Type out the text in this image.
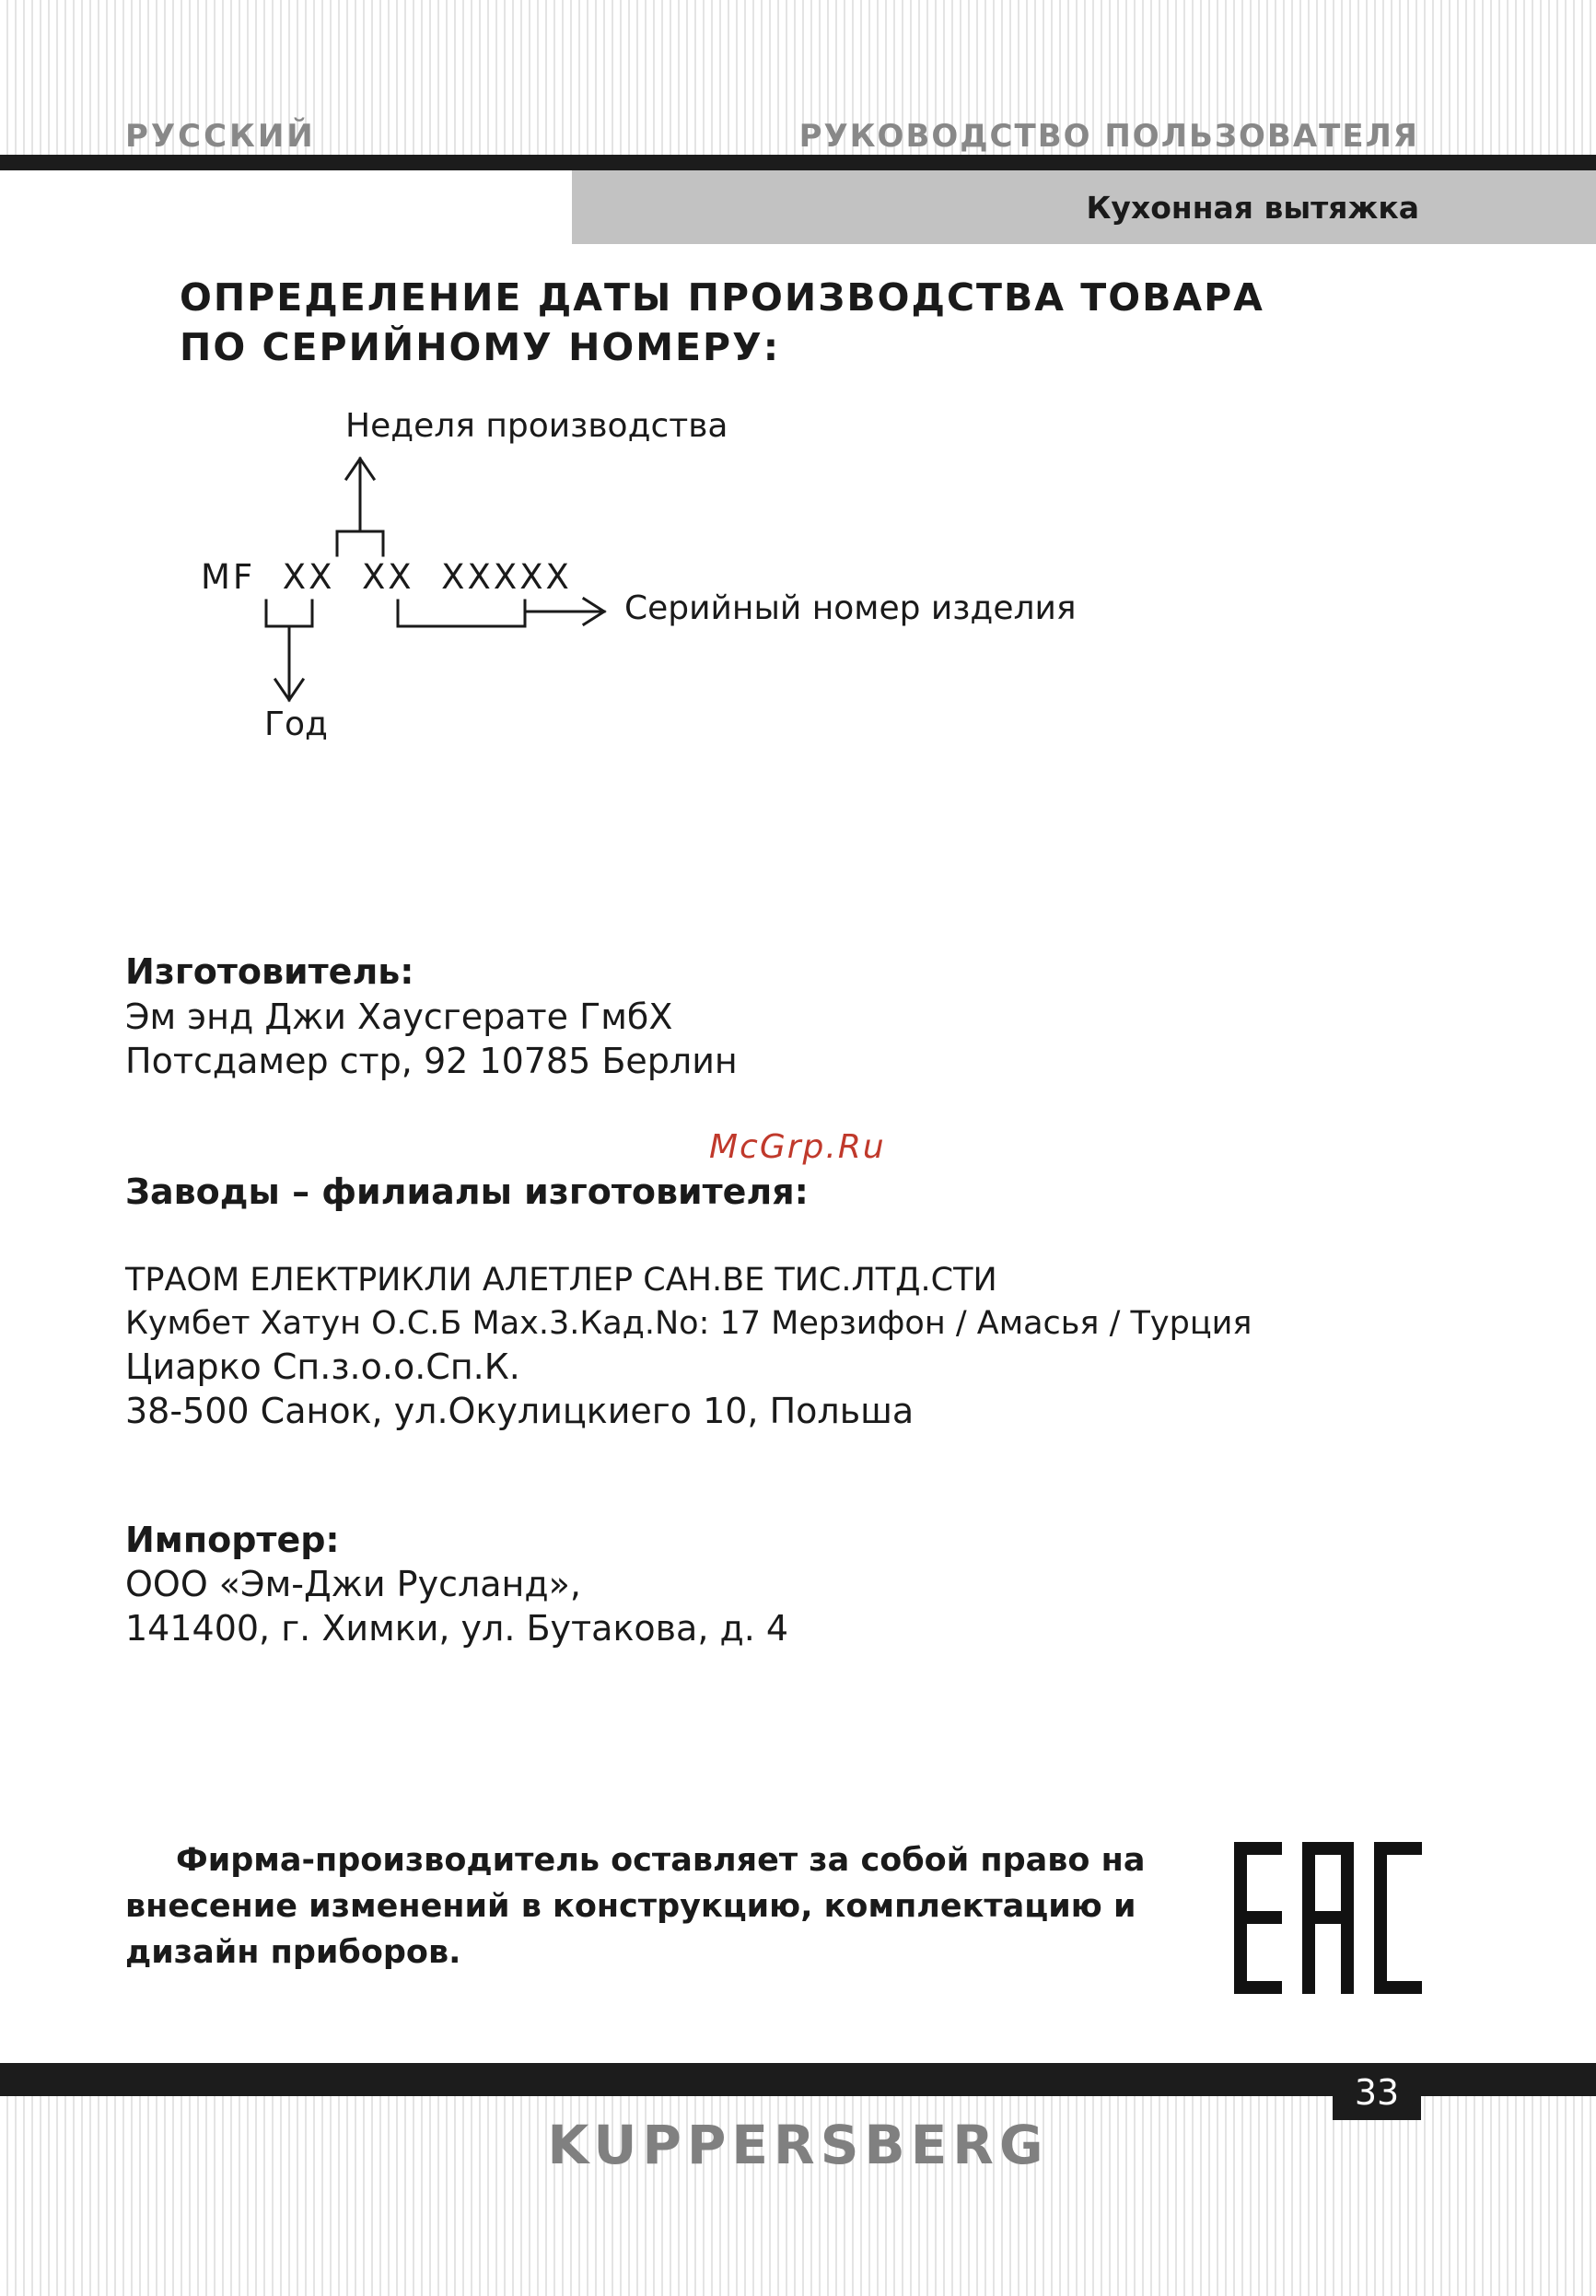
РУССКИЙ	РУКОВОДСТВО ПОЛЬЗОВАТЕЛЯ
Кухонная вытяжка
ОПРЕДЕЛЕНИЕ ДАТЫ ПРОИЗВОДСТВА ТОВАРА
ПО СЕРИЙНОМУ НОМЕРУ:
MF  XX  XX  XXXXX
Неделя производства
Серийный номер изделия
Год
Изготовитель:
Эм энд Джи Хаусгерате ГмбХ
Потсдамер стр, 92 10785 Берлин
McGrp.Ru
Заводы – филиалы изготовителя:
ТРАОМ ЕЛЕКТРИКЛИ АЛЕТЛЕР САН.ВЕ ТИС.ЛТД.СТИ
Кумбет Хатун О.С.Б Мах.3.Кад.No: 17 Мерзифон / Амасья / Турция
Циарко Сп.з.о.о.Сп.К.
38-500 Санок, ул.Окулицкиего 10, Польша
Импортер:
ООО «Эм-Джи Русланд»,
141400, г. Химки, ул. Бутакова, д. 4
Фирма-производитель оставляет за собой право на внесение изменений в конструкцию, комплектацию и дизайн приборов.
33
KUPPERSBERG
